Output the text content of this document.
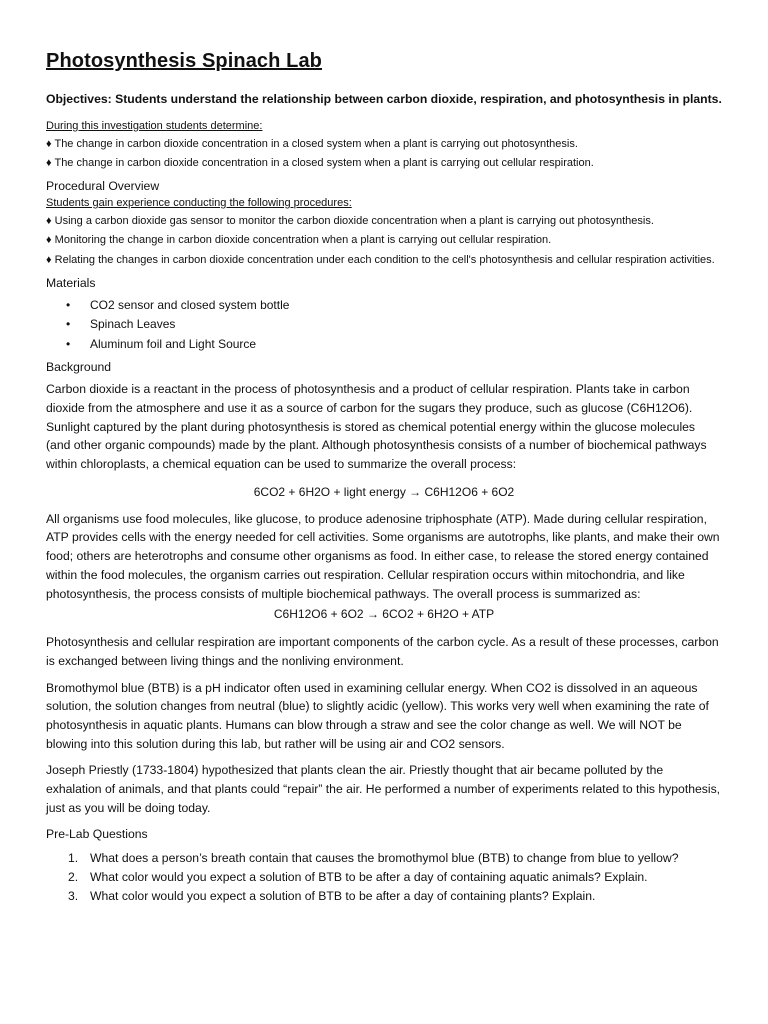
Photosynthesis Spinach Lab

Objectives: Students understand the relationship between carbon dioxide, respiration, and photosynthesis in plants.

During this investigation students determine:

♦ The change in carbon dioxide concentration in a closed system when a plant is carrying out photosynthesis.

♦ The change in carbon dioxide concentration in a closed system when a plant is carrying out cellular respiration.

Procedural Overview

Students gain experience conducting the following procedures:

♦ Using a carbon dioxide gas sensor to monitor the carbon dioxide concentration when a plant is carrying out photosynthesis.

♦ Monitoring the change in carbon dioxide concentration when a plant is carrying out cellular respiration.

♦ Relating the changes in carbon dioxide concentration under each condition to the cell's photosynthesis and cellular respiration activities.

Materials

• CO2 sensor and closed system bottle
• Spinach Leaves
• Aluminum foil and Light Source

Background

Carbon dioxide is a reactant in the process of photosynthesis and a product of cellular respiration. Plants take in carbon dioxide from the atmosphere and use it as a source of carbon for the sugars they produce, such as glucose (C6H12O6). Sunlight captured by the plant during photosynthesis is stored as chemical potential energy within the glucose molecules (and other organic compounds) made by the plant. Although photosynthesis consists of a number of biochemical pathways within chloroplasts, a chemical equation can be used to summarize the overall process:

6CO2 + 6H2O + light energy → C6H12O6 + 6O2

All organisms use food molecules, like glucose, to produce adenosine triphosphate (ATP). Made during cellular respiration, ATP provides cells with the energy needed for cell activities. Some organisms are autotrophs, like plants, and make their own food; others are heterotrophs and consume other organisms as food. In either case, to release the stored energy contained within the food molecules, the organism carries out respiration. Cellular respiration occurs within mitochondria, and like photosynthesis, the process consists of multiple biochemical pathways. The overall process is summarized as:

C6H12O6 + 6O2 → 6CO2 + 6H2O + ATP

Photosynthesis and cellular respiration are important components of the carbon cycle. As a result of these processes, carbon is exchanged between living things and the nonliving environment.

Bromothymol blue (BTB) is a pH indicator often used in examining cellular energy. When CO2 is dissolved in an aqueous solution, the solution changes from neutral (blue) to slightly acidic (yellow). This works very well when examining the rate of photosynthesis in aquatic plants. Humans can blow through a straw and see the color change as well. We will NOT be blowing into this solution during this lab, but rather will be using air and CO2 sensors.

Joseph Priestly (1733-1804) hypothesized that plants clean the air. Priestly thought that air became polluted by the exhalation of animals, and that plants could “repair” the air. He performed a number of experiments related to this hypothesis, just as you will be doing today.

Pre-Lab Questions

1. What does a person’s breath contain that causes the bromothymol blue (BTB) to change from blue to yellow?
2. What color would you expect a solution of BTB to be after a day of containing aquatic animals? Explain.
3. What color would you expect a solution of BTB to be after a day of containing plants? Explain.
